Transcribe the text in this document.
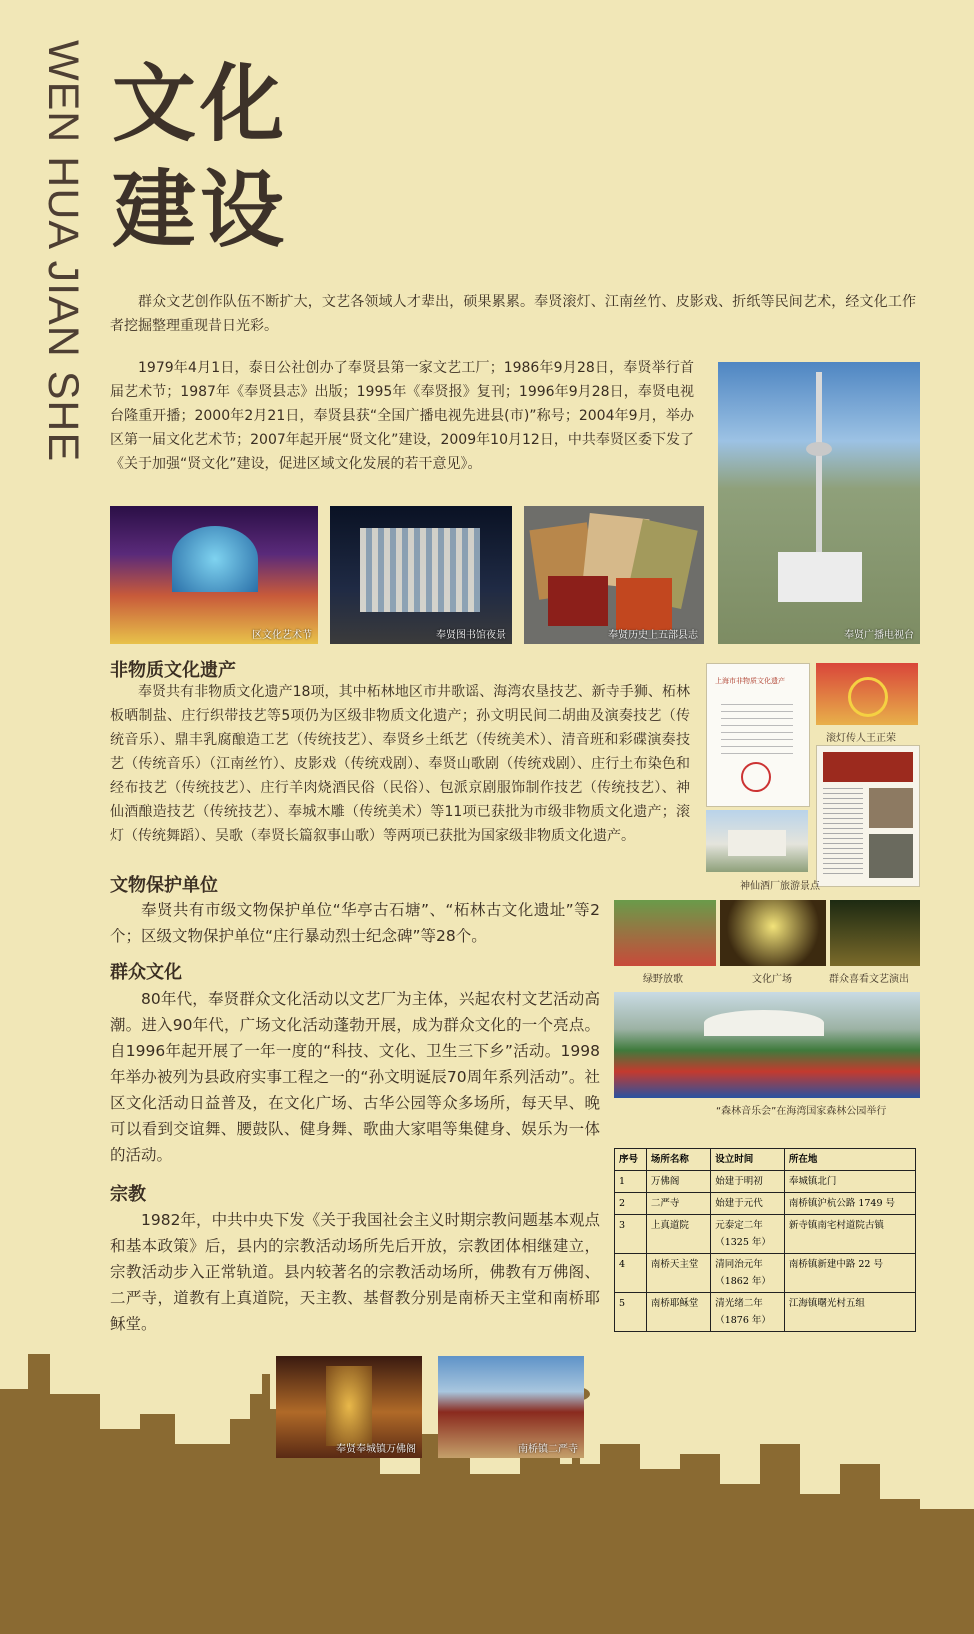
WEN HUA JIAN SHE 文化
建设

群众文艺创作队伍不断扩大，文艺各领域人才辈出，硕果累累。奉贤滚灯、江南丝竹、皮影戏、折纸等民间艺术，经文化工作者挖掘整理重现昔日光彩。

1979年4月1日，泰日公社创办了奉贤县第一家文艺工厂；1986年9月28日，奉贤举行首届艺术节；1987年《奉贤县志》出版；1995年《奉贤报》复刊；1996年9月28日，奉贤电视台隆重开播；2000年2月21日，奉贤县获“全国广播电视先进县(市)”称号；2004年9月，举办区第一届文化艺术节；2007年起开展“贤文化”建设，2009年10月12日，中共奉贤区委下发了《关于加强“贤文化”建设，促进区域文化发展的若干意见》。

区文化艺术节	奉贤图书馆夜景	奉贤历史上五部县志	奉贤广播电视台
非物质文化遗产

奉贤共有非物质文化遗产18项，其中柘林地区市井歌谣、海湾农垦技艺、新寺手狮、柘林板晒制盐、庄行织带技艺等5项仍为区级非物质文化遗产；孙文明民间二胡曲及演奏技艺（传统音乐）、鼎丰乳腐酿造工艺（传统技艺）、奉贤乡土纸艺（传统美术）、清音班和彩碟演奏技艺（传统音乐）（江南丝竹）、皮影戏（传统戏剧）、奉贤山歌剧（传统戏剧）、庄行土布染色和经布技艺（传统技艺）、庄行羊肉烧酒民俗（民俗）、包派京剧服饰制作技艺（传统技艺）、神仙酒酿造技艺（传统技艺）、奉城木雕（传统美术）等11项已获批为市级非物质文化遗产；滚灯（传统舞蹈）、吴歌（奉贤长篇叙事山歌）等两项已获批为国家级非物质文化遗产。

上海市非物质文化遗产
滚灯传人王正荣
神仙酒厂旅游景点
文物保护单位

奉贤共有市级文物保护单位“华亭古石塘”、“柘林古文化遗址”等2个；区级文物保护单位“庄行暴动烈士纪念碑”等28个。

绿野放歌	文化广场	群众喜看文艺演出
“森林音乐会”在海湾国家森林公园举行
群众文化

80年代，奉贤群众文化活动以文艺厂为主体，兴起农村文艺活动高潮。进入90年代，广场文化活动蓬勃开展，成为群众文化的一个亮点。自1996年起开展了一年一度的“科技、文化、卫生三下乡”活动。1998年举办被列为县政府实事工程之一的“孙文明诞辰70周年系列活动”。社区文化活动日益普及，在文化广场、古华公园等众多场所，每天早、晚可以看到交谊舞、腰鼓队、健身舞、歌曲大家唱等集健身、娱乐为一体的活动。

宗教

1982年，中共中央下发《关于我国社会主义时期宗教问题基本观点和基本政策》后，县内的宗教活动场所先后开放，宗教团体相继建立，宗教活动步入正常轨道。县内较著名的宗教活动场所，佛教有万佛阁、二严寺，道教有上真道院，天主教、基督教分别是南桥天主堂和南桥耶稣堂。

序号	场所名称	设立时间	所在地
1	万佛阁	始建于明初	奉城镇北门
2	二严寺	始建于元代	南桥镇沪杭公路 1749 号
3	上真道院	元泰定二年
（1325 年）	新寺镇南宅村道院古镇
4	南桥天主堂	清同治元年
（1862 年）	南桥镇新建中路 22 号
5	南桥耶稣堂	清光绪二年
（1876 年）	江海镇曙光村五组
奉贤奉城镇万佛阁	南桥镇二严寺
